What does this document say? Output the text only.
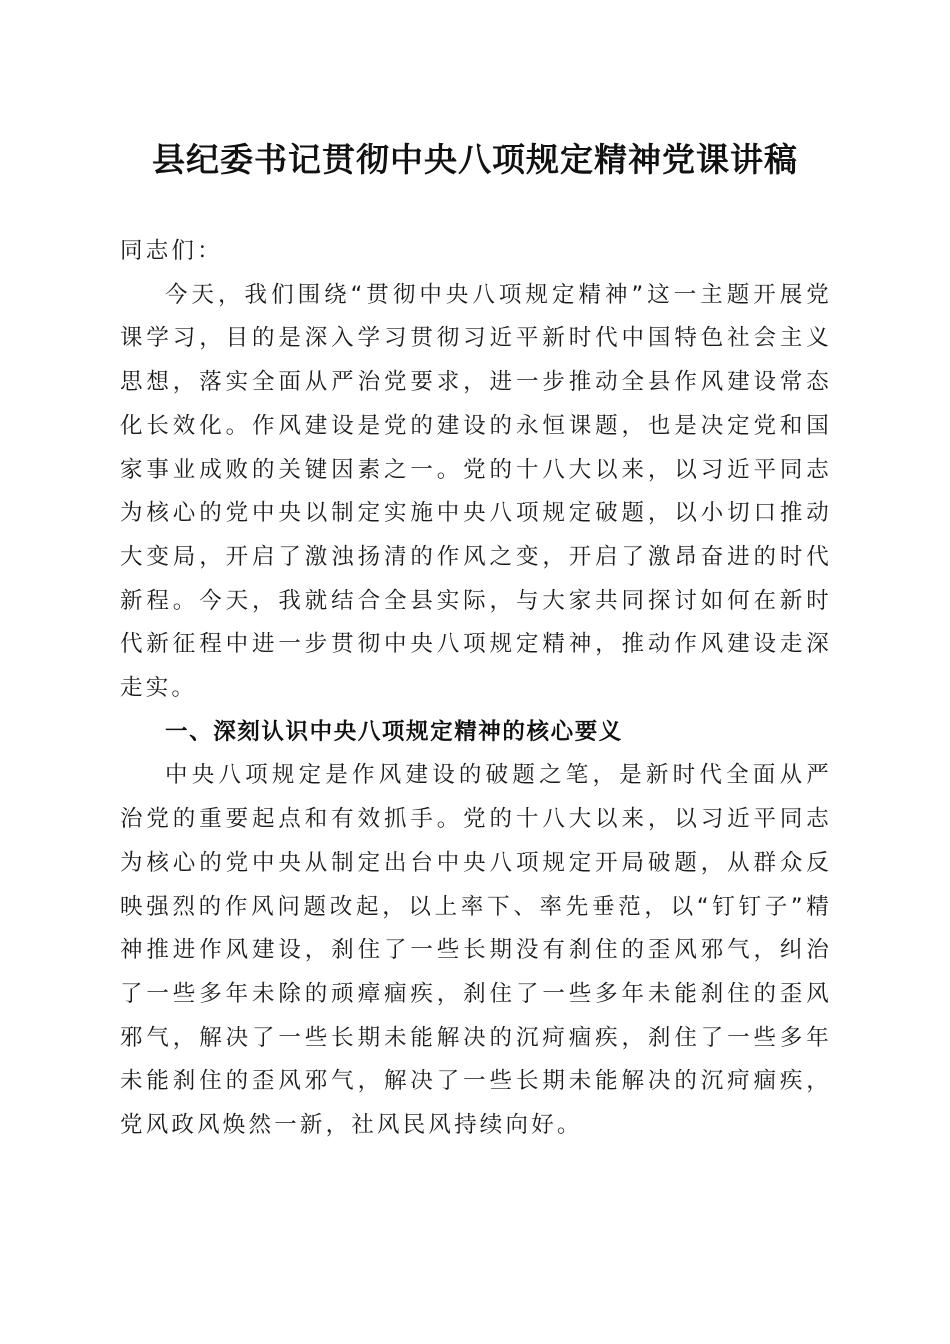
县纪委书记贯彻中央八项规定精神党课讲稿

同志们：

今天，我们围绕“贯彻中央八项规定精神”这一主题开展党课学习，目的是深入学习贯彻习近平新时代中国特色社会主义思想，落实全面从严治党要求，进一步推动全县作风建设常态化长效化。作风建设是党的建设的永恒课题，也是决定党和国家事业成败的关键因素之一。党的十八大以来，以习近平同志为核心的党中央以制定实施中央八项规定破题，以小切口推动大变局，开启了激浊扬清的作风之变，开启了激昂奋进的时代新程。今天，我就结合全县实际，与大家共同探讨如何在新时代新征程中进一步贯彻中央八项规定精神，推动作风建设走深走实。

一、深刻认识中央八项规定精神的核心要义

中央八项规定是作风建设的破题之笔，是新时代全面从严治党的重要起点和有效抓手。党的十八大以来，以习近平同志为核心的党中央从制定出台中央八项规定开局破题，从群众反映强烈的作风问题改起，以上率下、率先垂范，以“钉钉子”精神推进作风建设，刹住了一些长期没有刹住的歪风邪气，纠治了一些多年未除的顽瘴痼疾，刹住了一些多年未能刹住的歪风邪气，解决了一些长期未能解决的沉疴痼疾，刹住了一些多年未能刹住的歪风邪气，解决了一些长期未能解决的沉疴痼疾，党风政风焕然一新，社风民风持续向好。
